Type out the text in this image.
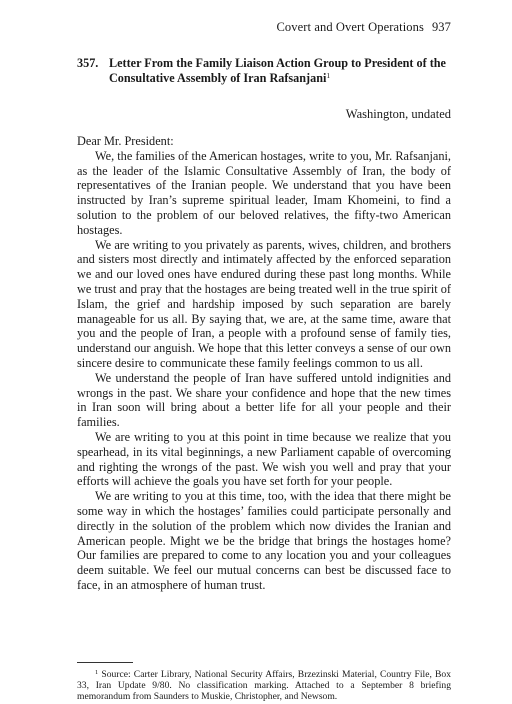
Covert and Overt Operations 937
357. Letter From the Family Liaison Action Group to President of the Consultative Assembly of Iran Rafsanjani$^1$
Washington, undated

Dear Mr. President:

We, the families of the American hostages, write to you, Mr. Rafsanjani, as the leader of the Islamic Consultative Assembly of Iran, the body of representatives of the Iranian people. We understand that you have been instructed by Iran’s supreme spiritual leader, Imam Khomeini, to find a solution to the problem of our beloved relatives, the fifty-two American hostages.

We are writing to you privately as parents, wives, children, and brothers and sisters most directly and intimately affected by the enforced separation we and our loved ones have endured during these past long months. While we trust and pray that the hostages are being treated well in the true spirit of Islam, the grief and hardship imposed by such separation are barely manageable for us all. By saying that, we are, at the same time, aware that you and the people of Iran, a people with a profound sense of family ties, understand our anguish. We hope that this letter conveys a sense of our own sincere desire to communicate these family feelings common to us all.

We understand the people of Iran have suffered untold indignities and wrongs in the past. We share your confidence and hope that the new times in Iran soon will bring about a better life for all your people and their families.

We are writing to you at this point in time because we realize that you spearhead, in its vital beginnings, a new Parliament capable of overcoming and righting the wrongs of the past. We wish you well and pray that your efforts will achieve the goals you have set forth for your people.

We are writing to you at this time, too, with the idea that there might be some way in which the hostages’ families could participate personally and directly in the solution of the problem which now divides the Iranian and American people. Might we be the bridge that brings the hostages home? Our families are prepared to come to any location you and your colleagues deem suitable. We feel our mutual concerns can best be discussed face to face, in an atmosphere of human trust.

$^1$ Source: Carter Library, National Security Affairs, Brzezinski Material, Country File, Box 33, Iran Update 9/80. No classification marking. Attached to a September 8 briefing memorandum from Saunders to Muskie, Christopher, and Newsom.
